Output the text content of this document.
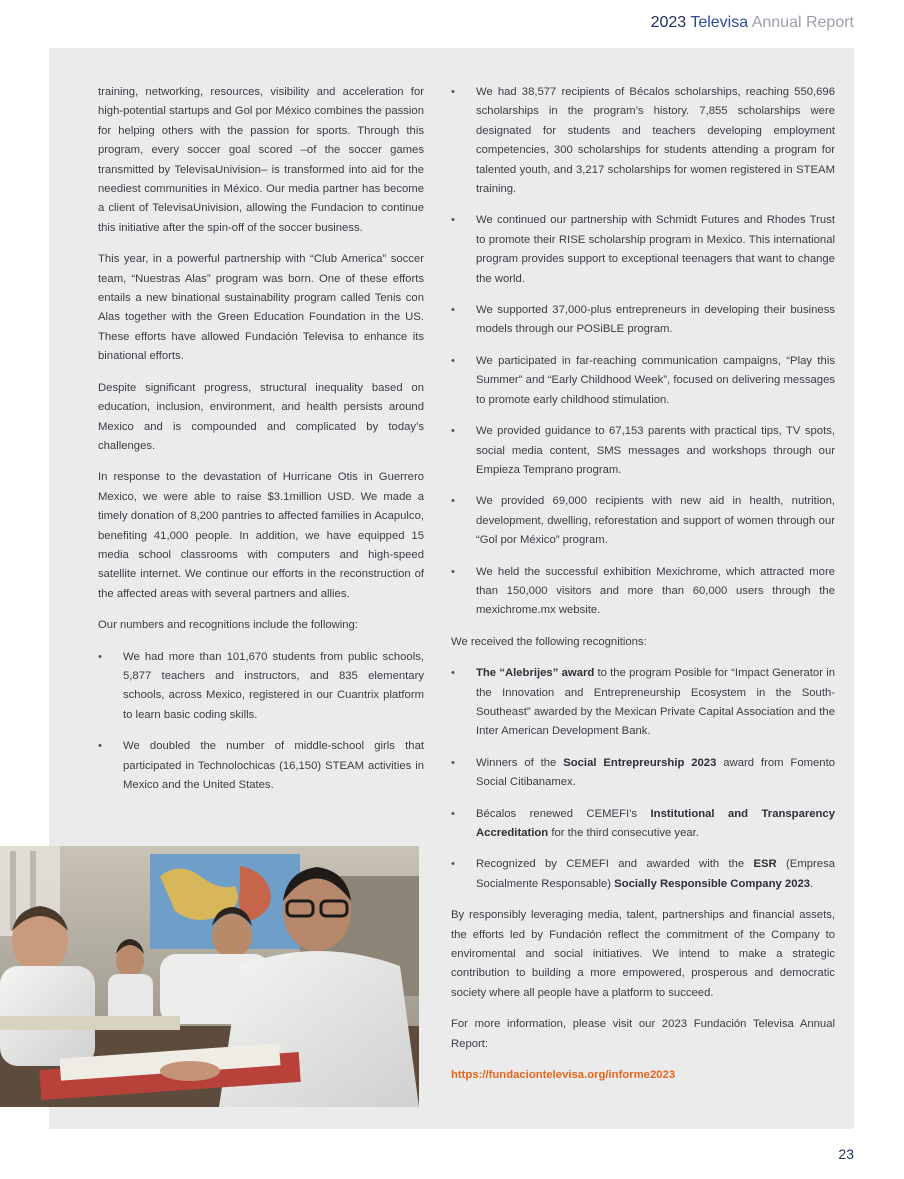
2023 Televisa Annual Report

training, networking, resources, visibility and acceleration for high-potential startups and Gol por México combines the passion for helping others with the passion for sports. Through this program, every soccer goal scored –of the soccer games transmitted by TelevisaUnivision– is transformed into aid for the neediest communities in México. Our media partner has become a client of TelevisaUnivision, allowing the Fundacion to continue this initiative after the spin-off of the soccer business.

This year, in a powerful partnership with “Club America” soccer team, “Nuestras Alas” program was born. One of these efforts entails a new binational sustainability program called Tenis con Alas together with the Green Education Foundation in the US. These efforts have allowed Fundación Televisa to enhance its binational efforts.

Despite significant progress, structural inequality based on education, inclusion, environment, and health persists around Mexico and is compounded and complicated by today’s challenges.

In response to the devastation of Hurricane Otis in Guerrero Mexico, we were able to raise $3.1million USD. We made a timely donation of 8,200 pantries to affected families in Acapulco, benefiting 41,000 people. In addition, we have equipped 15 media school classrooms with computers and high-speed satellite internet. We continue our efforts in the reconstruction of the affected areas with several partners and allies.

Our numbers and recognitions include the following:

• We had more than 101,670 students from public schools, 5,877 teachers and instructors, and 835 elementary schools, across Mexico, registered in our Cuantrix platform to learn basic coding skills.
• We doubled the number of middle-school girls that participated in Technolochicas (16,150) STEAM activities in Mexico and the United States.
• We had 38,577 recipients of Bécalos scholarships, reaching 550,696 scholarships in the program’s history. 7,855 scholarships were designated for students and teachers developing employment competencies, 300 scholarships for students attending a program for talented youth, and 3,217 scholarships for women registered in STEAM training.
• We continued our partnership with Schmidt Futures and Rhodes Trust to promote their RISE scholarship program in Mexico. This international program provides support to exceptional teenagers that want to change the world.
• We supported 37,000-plus entrepreneurs in developing their business models through our POSiBLE program.
• We participated in far-reaching communication campaigns, “Play this Summer” and “Early Childhood Week”, focused on delivering messages to promote early childhood stimulation.
• We provided guidance to 67,153 parents with practical tips, TV spots, social media content, SMS messages and workshops through our Empieza Temprano program.
• We provided 69,000 recipients with new aid in health, nutrition, development, dwelling, reforestation and support of women through our “Gol por México” program.
• We held the successful exhibition Mexichrome, which attracted more than 150,000 visitors and more than 60,000 users through the mexichrome.mx website.

We received the following recognitions:

• The “Alebrijes” award to the program Posible for “Impact Generator in the Innovation and Entrepreneurship Ecosystem in the South-Southeast” awarded by the Mexican Private Capital Association and the Inter American Development Bank.
• Winners of the Social Entrepreurship 2023 award from Fomento Social Citibanamex.
• Bécalos renewed CEMEFI’s Institutional and Transparency Accreditation for the third consecutive year.
• Recognized by CEMEFI and awarded with the ESR (Empresa Socialmente Responsable) Socially Responsible Company 2023.

By responsibly leveraging media, talent, partnerships and financial assets, the efforts led by Fundación reflect the commitment of the Company to enviromental and social initiatives. We intend to make a strategic contribution to building a more empowered, prosperous and democratic society where all people have a platform to succeed.

For more information, please visit our 2023 Fundación Televisa Annual Report:

https://fundaciontelevisa.org/informe2023

23
